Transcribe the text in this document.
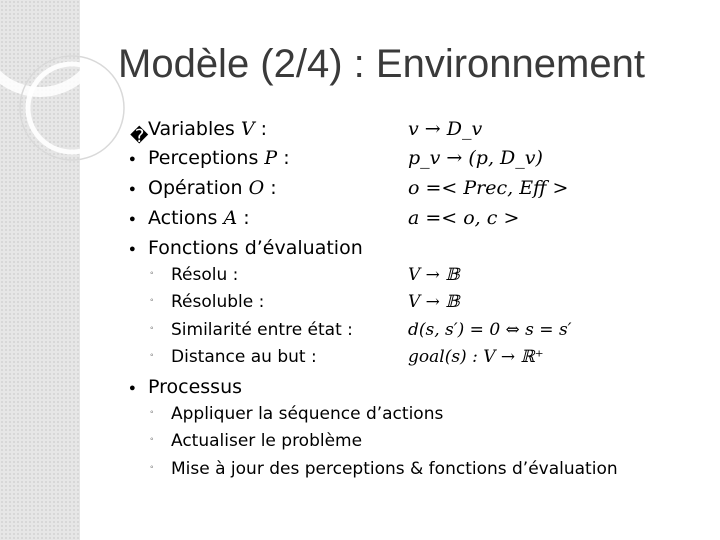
Modèle (2/4) : Environnement
� Variables V :	v → D_v
● Perceptions P :	p_v → (p, D_v)
● Opération O :	o =< Prec, Eff >
● Actions A :	a =< o, c >
● Fonctions d’évaluation
◦ Résolu :	V → 𝔹
◦ Résoluble :	V → 𝔹
◦ Similarité entre état :	d(s, s′) = 0 ⇔ s = s′
◦ Distance au but :	goal(s) : V → ℝ⁺
● Processus
◦ Appliquer la séquence d’actions
◦ Actualiser le problème
◦ Mise à jour des perceptions & fonctions d’évaluation
